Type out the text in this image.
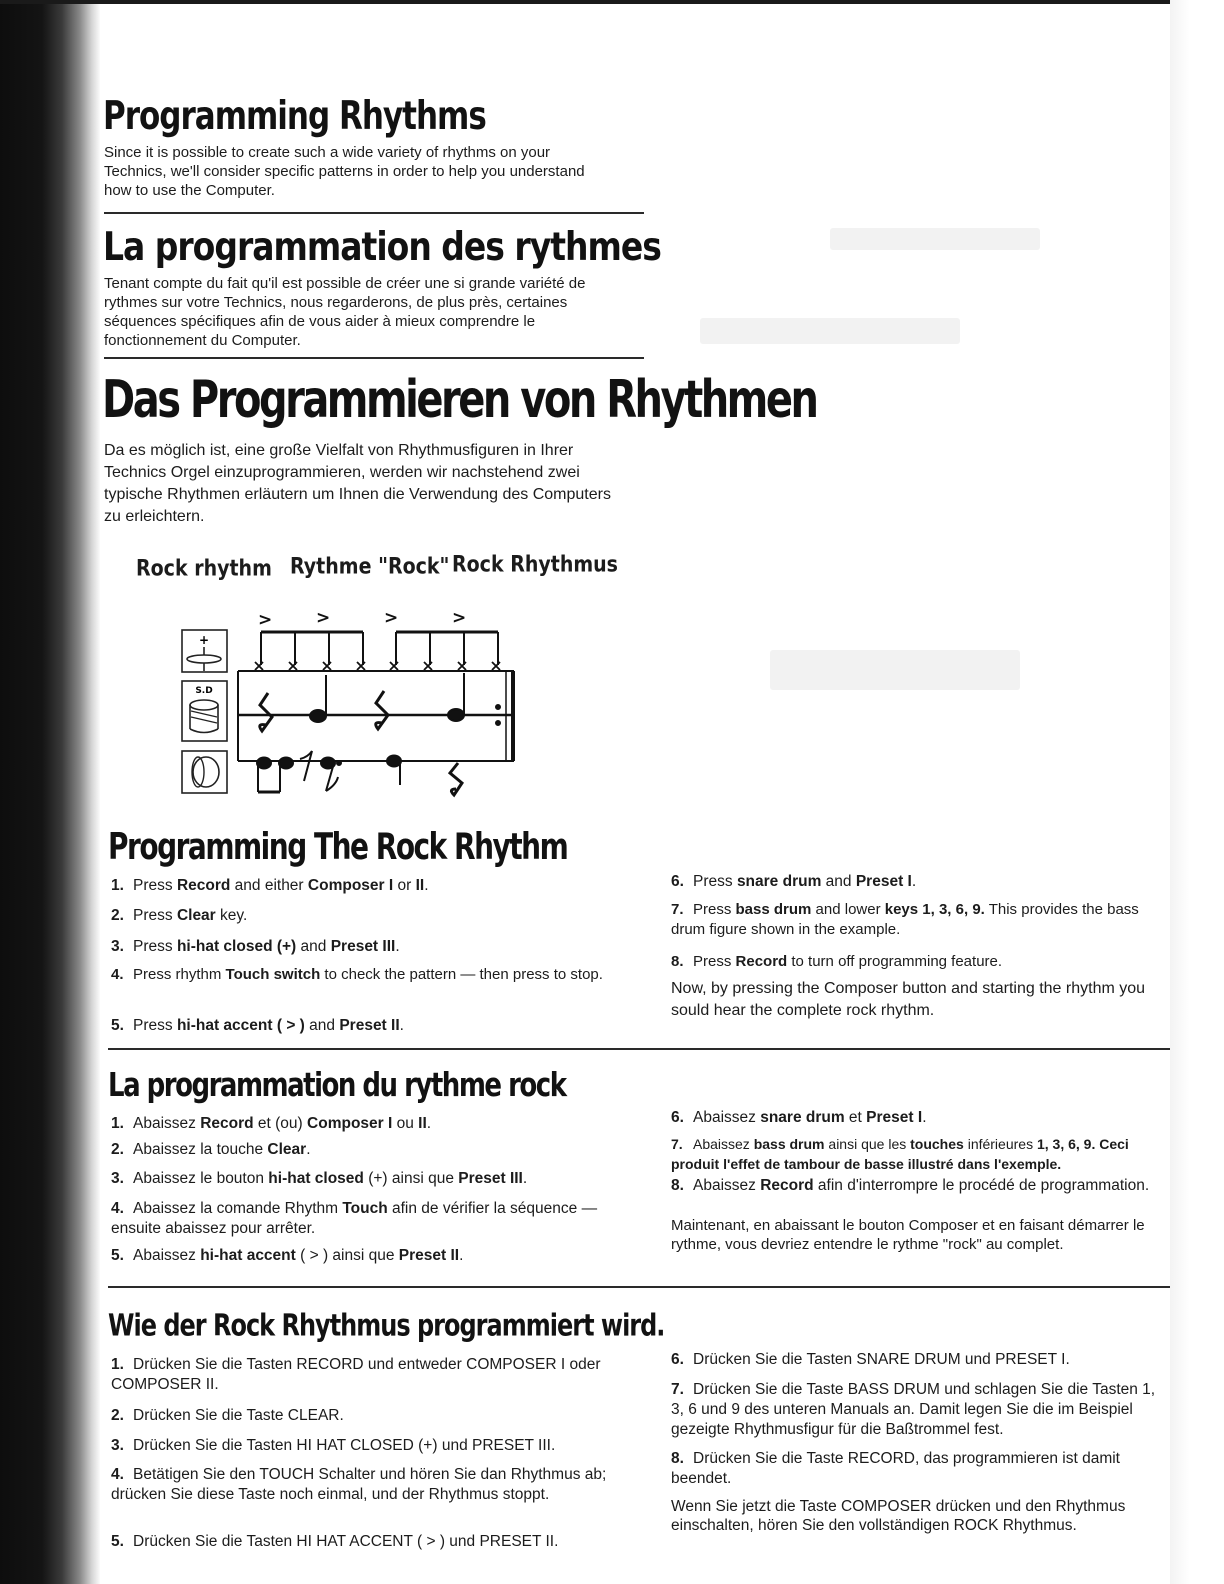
Programming Rhythms
Since it is possible to create such a wide variety of rhythms on your Technics, we'll consider specific patterns in order to help you understand how to use the Computer.
La programmation des rythmes
Tenant compte du fait qu'il est possible de créer une si grande variété de rythmes sur votre Technics, nous regarderons, de plus près, certaines séquences spécifiques afin de vous aider à mieux comprendre le fonctionnement du Computer.
Das Programmieren von Rhythmen
Da es möglich ist, eine große Vielfalt von Rhythmusfiguren in Ihrer Technics Orgel einzuprogrammieren, werden wir nachstehend zwei typische Rhythmen erläutern um Ihnen die Verwendung des Computers zu erleichtern.
Rock rhythm Rythme "Rock" Rock Rhythmus
+
S.D
>	>	>	>
Programming The Rock Rhythm
1. Press Record and either Composer I or II.
2. Press Clear key.
3. Press hi-hat closed (+) and Preset III.
4. Press rhythm Touch switch to check the pattern — then press to stop.
5. Press hi-hat accent ( > ) and Preset II.
6. Press snare drum and Preset I.
7. Press bass drum and lower keys 1, 3, 6, 9. This provides the bass drum figure shown in the example.
8. Press Record to turn off programming feature.
Now, by pressing the Composer button and starting the rhythm you sould hear the complete rock rhythm.
La programmation du rythme rock
1. Abaissez Record et (ou) Composer I ou II.
2. Abaissez la touche Clear.
3. Abaissez le bouton hi-hat closed (+) ainsi que Preset III.
4. Abaissez la comande Rhythm Touch afin de vérifier la séquence — ensuite abaissez pour arrêter.
5. Abaissez hi-hat accent ( > ) ainsi que Preset II.
6. Abaissez snare drum et Preset I.
7. Abaissez bass drum ainsi que les touches inférieures 1, 3, 6, 9. Ceci produit l'effet de tambour de basse illustré dans l'exemple.
8. Abaissez Record afin d'interrompre le procédé de programmation.
Maintenant, en abaissant le bouton Composer et en faisant démarrer le rythme, vous devriez entendre le rythme "rock" au complet.
Wie der Rock Rhythmus programmiert wird.
1. Drücken Sie die Tasten RECORD und entweder COMPOSER I oder COMPOSER II.
2. Drücken Sie die Taste CLEAR.
3. Drücken Sie die Tasten HI HAT CLOSED (+) und PRESET III.
4. Betätigen Sie den TOUCH Schalter und hören Sie dan Rhythmus ab; drücken Sie diese Taste noch einmal, und der Rhythmus stoppt.
5. Drücken Sie die Tasten HI HAT ACCENT ( > ) und PRESET II.
6. Drücken Sie die Tasten SNARE DRUM und PRESET I.
7. Drücken Sie die Taste BASS DRUM und schlagen Sie die Tasten 1, 3, 6 und 9 des unteren Manuals an. Damit legen Sie die im Beispiel gezeigte Rhythmusfigur für die Baßtrommel fest.
8. Drücken Sie die Taste RECORD, das programmieren ist damit beendet.
Wenn Sie jetzt die Taste COMPOSER drücken und den Rhythmus einschalten, hören Sie den vollständigen ROCK Rhythmus.
